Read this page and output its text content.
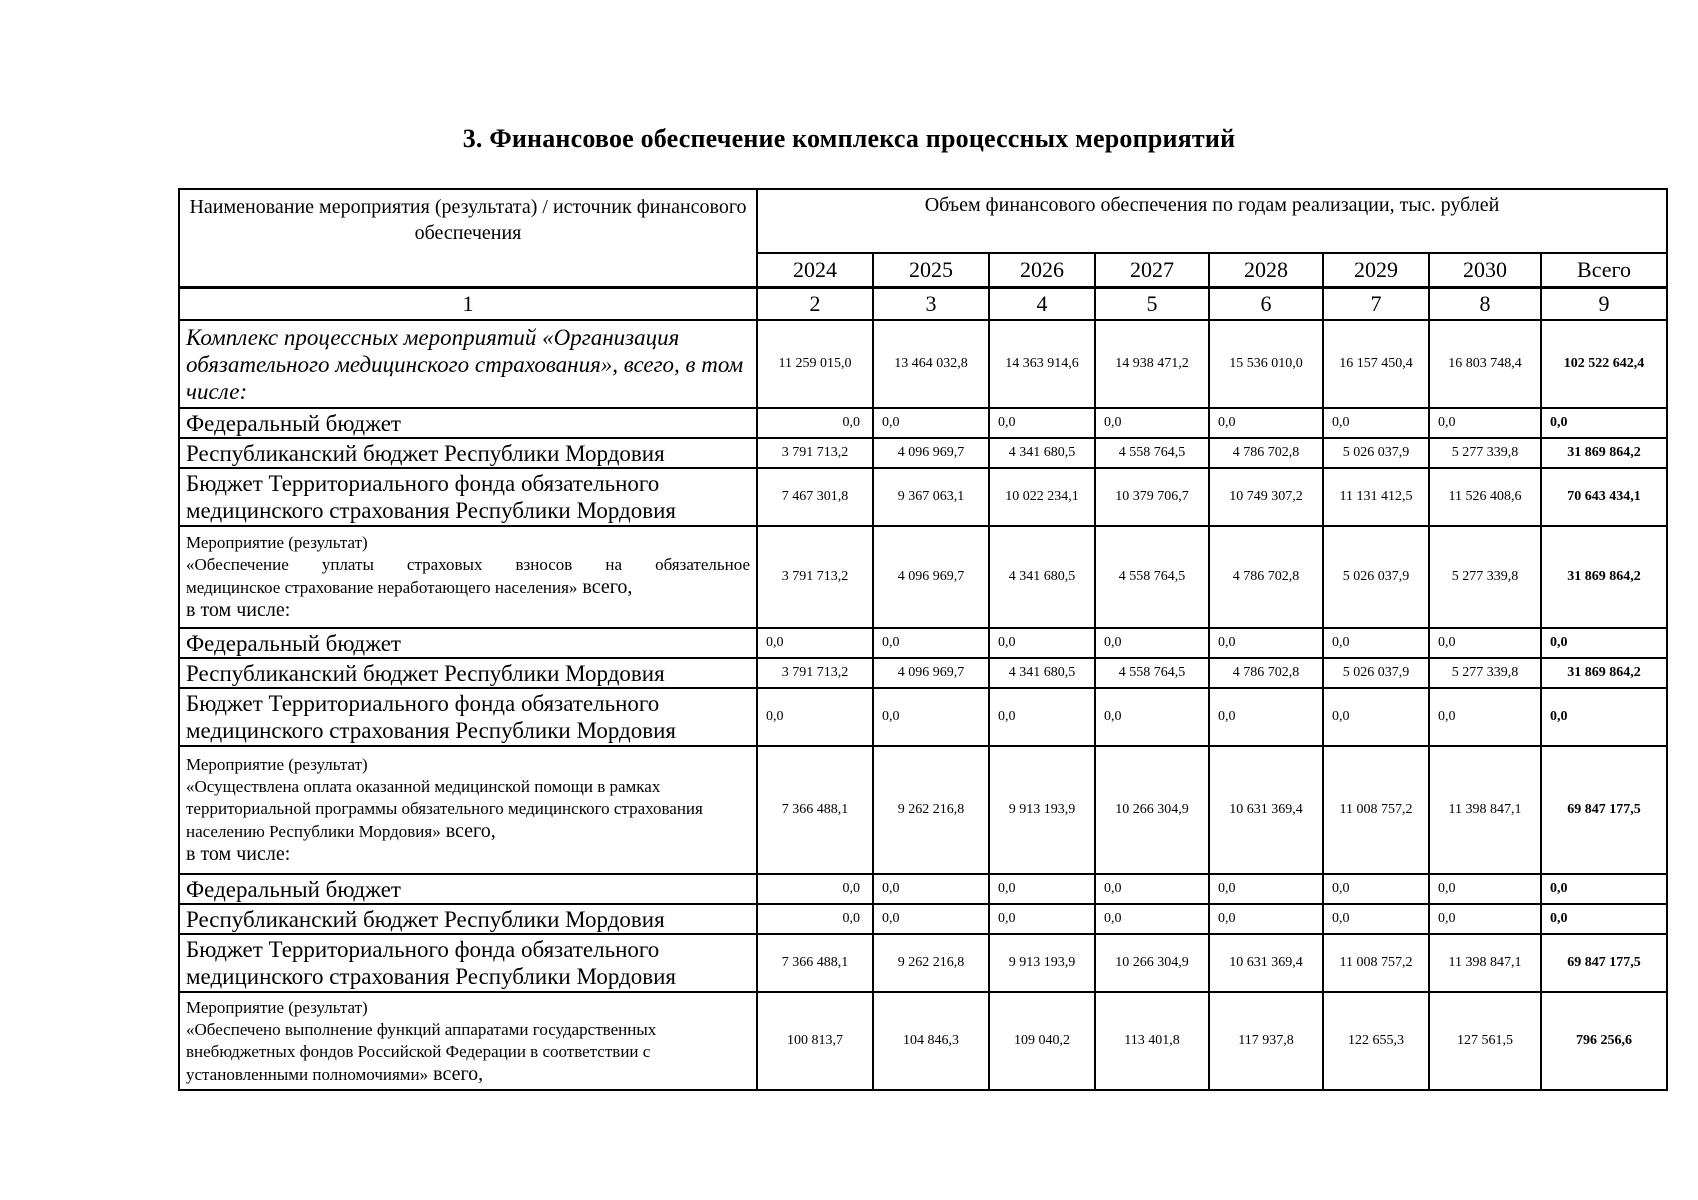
3. Финансовое обеспечение комплекса процессных мероприятий
Наименование мероприятия (результата) / источник финансового обеспечения	Объем финансового обеспечения по годам реализации, тыс. рублей							
	2024	2025	2026	2027	2028	2029	2030	Всего
1	2	3	4	5	6	7	8	9
Комплекс процессных мероприятий «Организация обязательного медицинского страхования», всего, в том числе:	11 259 015,0	13 464 032,8	14 363 914,6	14 938 471,2	15 536 010,0	16 157 450,4	16 803 748,4	102 522 642,4
Федеральный бюджет	0,0	0,0	0,0	0,0	0,0	0,0	0,0	0,0
Республиканский бюджет Республики Мордовия	3 791 713,2	4 096 969,7	4 341 680,5	4 558 764,5	4 786 702,8	5 026 037,9	5 277 339,8	31 869 864,2
Бюджет Территориального фонда обязательного медицинского страхования Республики Мордовия	7 467 301,8	9 367 063,1	10 022 234,1	10 379 706,7	10 749 307,2	11 131 412,5	11 526 408,6	70 643 434,1
Мероприятие (результат)

«Обеспечение уплаты страховых взносов на обязательное
медицинское страхование неработающего населения» всего,
в том числе:	3 791 713,2	4 096 969,7	4 341 680,5	4 558 764,5	4 786 702,8	5 026 037,9	5 277 339,8	31 869 864,2
Федеральный бюджет	0,0	0,0	0,0	0,0	0,0	0,0	0,0	0,0
Республиканский бюджет Республики Мордовия	3 791 713,2	4 096 969,7	4 341 680,5	4 558 764,5	4 786 702,8	5 026 037,9	5 277 339,8	31 869 864,2
Бюджет Территориального фонда обязательного медицинского страхования Республики Мордовия	0,0	0,0	0,0	0,0	0,0	0,0	0,0	0,0
Мероприятие (результат)
«Осуществлена оплата оказанной медицинской помощи в рамках территориальной программы обязательного медицинского страхования населению Республики Мордовия» всего,
в том числе:	7 366 488,1	9 262 216,8	9 913 193,9	10 266 304,9	10 631 369,4	11 008 757,2	11 398 847,1	69 847 177,5
Федеральный бюджет	0,0	0,0	0,0	0,0	0,0	0,0	0,0	0,0
Республиканский бюджет Республики Мордовия	0,0	0,0	0,0	0,0	0,0	0,0	0,0	0,0
Бюджет Территориального фонда обязательного медицинского страхования Республики Мордовия	7 366 488,1	9 262 216,8	9 913 193,9	10 266 304,9	10 631 369,4	11 008 757,2	11 398 847,1	69 847 177,5
Мероприятие (результат)
«Обеспечено выполнение функций аппаратами государственных внебюджетных фондов Российской Федерации в соответствии с установленными полномочиями» всего,	100 813,7	104 846,3	109 040,2	113 401,8	117 937,8	122 655,3	127 561,5	796 256,6
